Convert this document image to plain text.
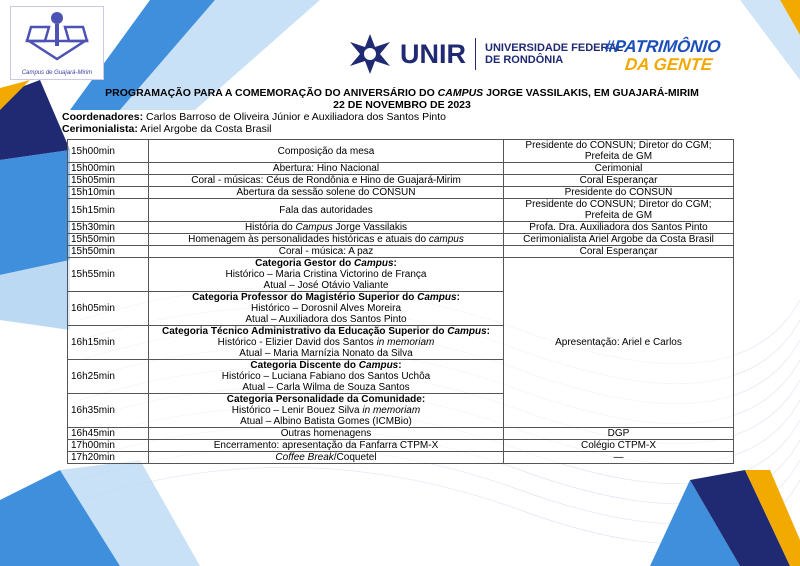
Campus de Guajará-Mirim
UNIR UNIVERSIDADE FEDERAL
DE RONDÔNIA
#PATRIMÔNIO
DA GENTE
PROGRAMAÇÃO PARA A COMEMORAÇÃO DO ANIVERSÁRIO DO CAMPUS JORGE VASSILAKIS, EM GUAJARÁ-MIRIM
22 DE NOVEMBRO DE 2023
Coordenadores: Carlos Barroso de Oliveira Júnior e Auxiliadora dos Santos Pinto
Cerimonialista: Ariel Argobe da Costa Brasil
15h00min	Composição da mesa	Presidente do CONSUN; Diretor do CGM; Prefeita de GM
15h00min	Abertura: Hino Nacional	Cerimonial
15h05min	Coral - músicas: Céus de Rondônia e Hino de Guajará-Mirim	Coral Esperançar
15h10min	Abertura da sessão solene do CONSUN	Presidente do CONSUN
15h15min	Fala das autoridades	Presidente do CONSUN; Diretor do CGM; Prefeita de GM
15h30min	História do Campus Jorge Vassilakis	Profa. Dra. Auxiliadora dos Santos Pinto
15h50min	Homenagem às personalidades históricas e atuais do campus	Cerimonialista Ariel Argobe da Costa Brasil
15h50min	Coral - música: A paz	Coral Esperançar
15h55min	Categoria Gestor do Campus:
Histórico – Maria Cristina Victorino de França
Atual – José Otávio Valiante	Apresentação: Ariel e Carlos
16h05min	Categoria Professor do Magistério Superior do Campus:
Histórico – Dorosnil Alves Moreira
Atual – Auxiliadora dos Santos Pinto	

16h15min	Categoria Técnico Administrativo da Educação Superior do Campus:
Histórico - Elizier David dos Santos in memoriam
Atual – Maria Marnízia Nonato da Silva	

16h25min	Categoria Discente do Campus:
Histórico – Luciana Fabiano dos Santos Uchôa
Atual – Carla Wilma de Souza Santos	

16h35min	Categoria Personalidade da Comunidade:
Histórico – Lenir Bouez Silva in memoriam
Atual – Albino Batista Gomes (ICMBio)	

16h45min	Outras homenagens	DGP
17h00min	Encerramento: apresentação da Fanfarra CTPM-X	Colégio CTPM-X
17h20min	Coffee Break/Coquetel	—
